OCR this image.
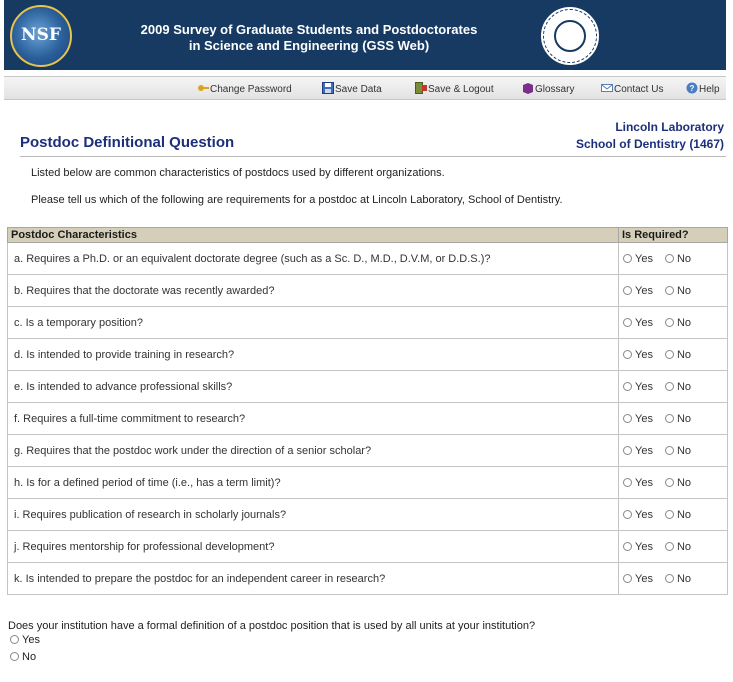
NSF	2009 Survey of Graduate Students and Postdoctorates
in Science and Engineering (GSS Web)
Change Password	Save Data	Save & Logout	Glossary	Contact Us	? Help
Lincoln Laboratory
School of Dentistry (1467)
Postdoc Definitional Question
Listed below are common characteristics of postdocs used by different organizations.
Please tell us which of the following are requirements for a postdoc at Lincoln Laboratory, School of Dentistry.
Postdoc Characteristics	Is Required?
a. Requires a Ph.D. or an equivalent doctorate degree (such as a Sc. D., M.D., D.V.M, or D.D.S.)?	Yes No
b. Requires that the doctorate was recently awarded?	Yes No
c. Is a temporary position?	Yes No
d. Is intended to provide training in research?	Yes No
e. Is intended to advance professional skills?	Yes No
f. Requires a full-time commitment to research?	Yes No
g. Requires that the postdoc work under the direction of a senior scholar?	Yes No
h. Is for a defined period of time (i.e., has a term limit)?	Yes No
i. Requires publication of research in scholarly journals?	Yes No
j. Requires mentorship for professional development?	Yes No
k. Is intended to prepare the postdoc for an independent career in research?	Yes No
Does your institution have a formal definition of a postdoc position that is used by all units at your institution?
Yes
No
